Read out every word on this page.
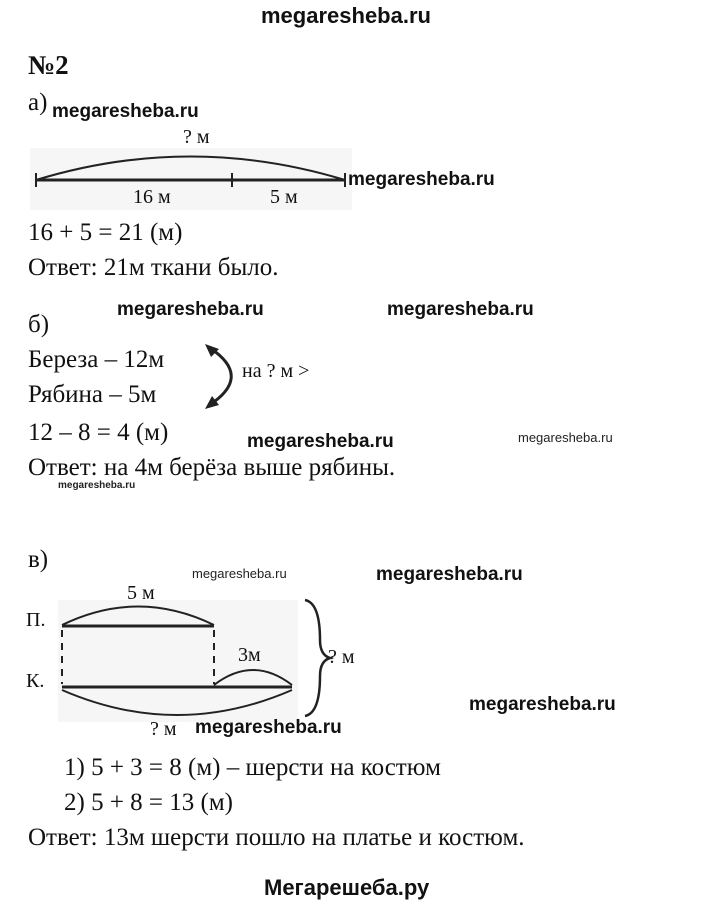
megaresheba.ru
№2
а) megaresheba.ru
? м
16 м	5 м
megaresheba.ru
16 + 5 = 21 (м)
Ответ: 21м ткани было.
б)
megaresheba.ru	megaresheba.ru
Береза – 12м
Рябина – 5м
на ? м >
12 – 8 = 4 (м)	megaresheba.ru	megaresheba.ru
Ответ: на 4м берёза выше рябины.
megaresheba.ru
в)
megaresheba.ru	megaresheba.ru
П.
К.
5 м
3м	? м
? м megaresheba.ru
megaresheba.ru
1) 5 + 3 = 8 (м) – шерсти на костюм
2) 5 + 8 = 13 (м)
Ответ: 13м шерсти пошло на платье и костюм.
Мегарешеба.ру
